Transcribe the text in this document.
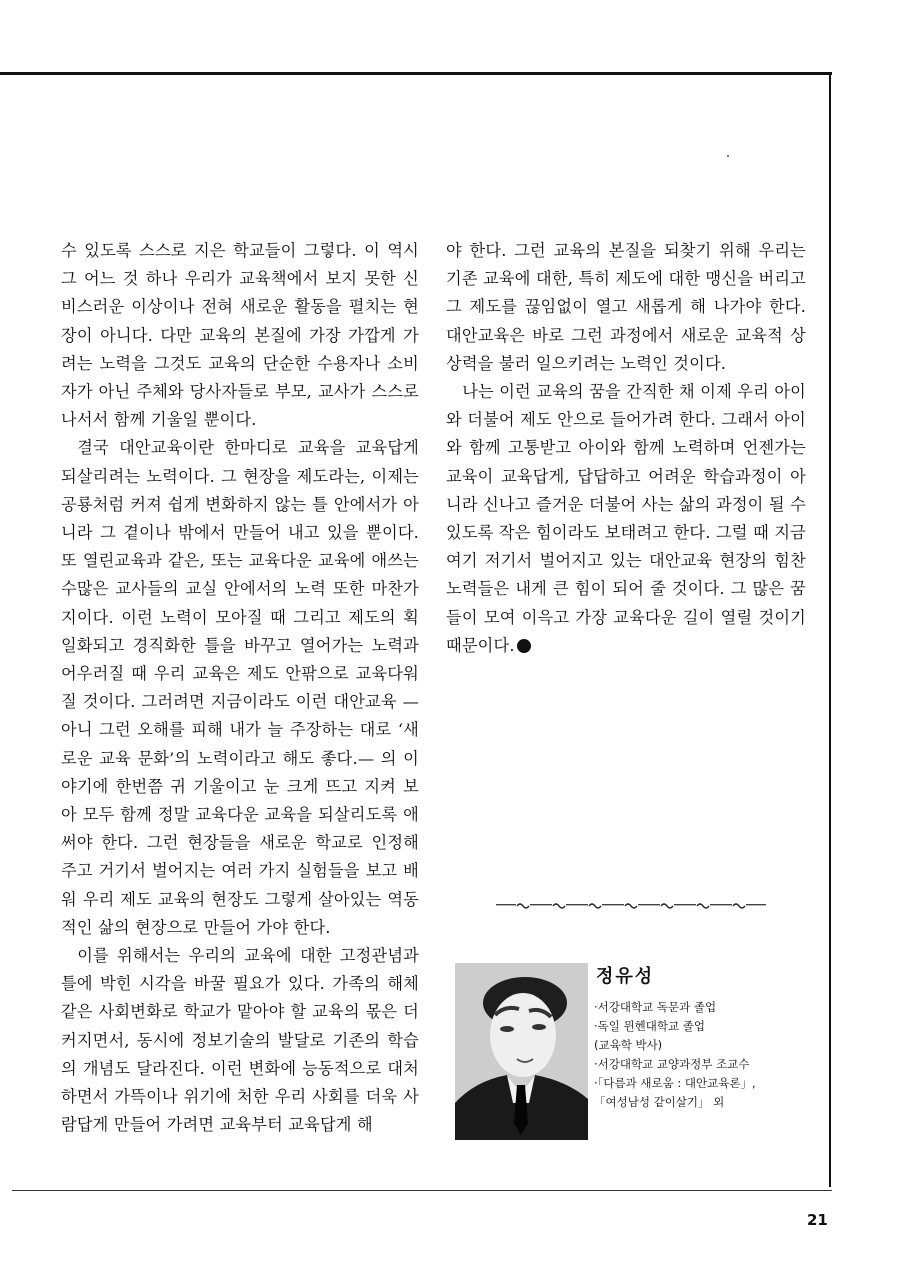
수 있도록 스스로 지은 학교들이 그렇다. 이 역시 그 어느 것 하나 우리가 교육책에서 보지 못한 신비스러운 이상이나 전혀 새로운 활동을 펼치는 현장이 아니다. 다만 교육의 본질에 가장 가깝게 가려는 노력을 그것도 교육의 단순한 수용자나 소비자가 아닌 주체와 당사자들로 부모, 교사가 스스로 나서서 함께 기울일 뿐이다.

결국 대안교육이란 한마디로 교육을 교육답게 되살리려는 노력이다. 그 현장을 제도라는, 이제는 공룡처럼 커져 쉽게 변화하지 않는 틀 안에서가 아니라 그 곁이나 밖에서 만들어 내고 있을 뿐이다. 또 열린교육과 같은, 또는 교육다운 교육에 애쓰는 수많은 교사들의 교실 안에서의 노력 또한 마찬가지이다. 이런 노력이 모아질 때 그리고 제도의 획일화되고 경직화한 틀을 바꾸고 열어가는 노력과 어우러질 때 우리 교육은 제도 안팎으로 교육다워질 것이다. 그러려면 지금이라도 이런 대안교육 —아니 그런 오해를 피해 내가 늘 주장하는 대로 ‘새로운 교육 문화’의 노력이라고 해도 좋다.— 의 이야기에 한번쯤 귀 기울이고 눈 크게 뜨고 지켜 보아 모두 함께 정말 교육다운 교육을 되살리도록 애써야 한다. 그런 현장들을 새로운 학교로 인정해 주고 거기서 벌어지는 여러 가지 실험들을 보고 배워 우리 제도 교육의 현장도 그렇게 살아있는 역동적인 삶의 현장으로 만들어 가야 한다.

이를 위해서는 우리의 교육에 대한 고정관념과 틀에 박힌 시각을 바꿀 필요가 있다. 가족의 해체 같은 사회변화로 학교가 맡아야 할 교육의 몫은 더 커지면서, 동시에 정보기술의 발달로 기존의 학습의 개념도 달라진다. 이런 변화에 능동적으로 대처하면서 가뜩이나 위기에 처한 우리 사회를 더욱 사람답게 만들어 가려면 교육부터 교육답게 해

야 한다. 그런 교육의 본질을 되찾기 위해 우리는 기존 교육에 대한, 특히 제도에 대한 맹신을 버리고 그 제도를 끊임없이 열고 새롭게 해 나가야 한다. 대안교육은 바로 그런 과정에서 새로운 교육적 상상력을 불러 일으키려는 노력인 것이다.

나는 이런 교육의 꿈을 간직한 채 이제 우리 아이와 더불어 제도 안으로 들어가려 한다. 그래서 아이와 함께 고통받고 아이와 함께 노력하며 언젠가는 교육이 교육답게, 답답하고 어려운 학습과정이 아니라 신나고 즐거운 더불어 사는 삶의 과정이 될 수 있도록 작은 힘이라도 보태려고 한다. 그럴 때 지금 여기 저기서 벌어지고 있는 대안교육 현장의 힘찬 노력들은 내게 큰 힘이 되어 줄 것이다. 그 많은 꿈들이 모여 이윽고 가장 교육다운 길이 열릴 것이기 때문이다.

정유성
·서강대학교 독문과 졸업
·독일 뮌헨대학교 졸업
(교육학 박사)
·서강대학교 교양과정부 조교수
·「다름과 새로움 : 대안교육론」,
「여성남성 같이살기」 외
21
